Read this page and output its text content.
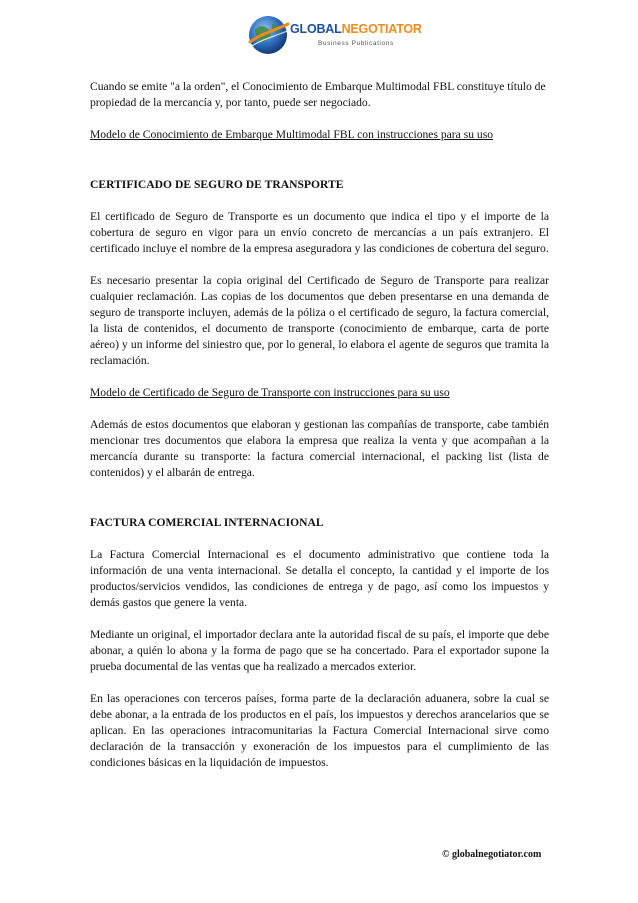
GLOBALNEGOTIATOR
Business Publications

Cuando se emite "a la orden", el Conocimiento de Embarque Multimodal FBL constituye título de propiedad de la mercancía y, por tanto, puede ser negociado.

Modelo de Conocimiento de Embarque Multimodal FBL con instrucciones para su uso

CERTIFICADO DE SEGURO DE TRANSPORTE

El certificado de Seguro de Transporte es un documento que indica el tipo y el importe de la cobertura de seguro en vigor para un envío concreto de mercancías a un país extranjero. El certificado incluye el nombre de la empresa aseguradora y las condiciones de cobertura del seguro.

Es necesario presentar la copia original del Certificado de Seguro de Transporte para realizar cualquier reclamación. Las copias de los documentos que deben presentarse en una demanda de seguro de transporte incluyen, además de la póliza o el certificado de seguro, la factura comercial, la lista de contenidos, el documento de transporte (conocimiento de embarque, carta de porte aéreo) y un informe del siniestro que, por lo general, lo elabora el agente de seguros que tramita la reclamación.

Modelo de Certificado de Seguro de Transporte con instrucciones para su uso

Además de estos documentos que elaboran y gestionan las compañías de transporte, cabe también mencionar tres documentos que elabora la empresa que realiza la venta y que acompañan a la mercancía durante su transporte: la factura comercial internacional, el packing list (lista de contenidos) y el albarán de entrega.

FACTURA COMERCIAL INTERNACIONAL

La Factura Comercial Internacional es el documento administrativo que contiene toda la información de una venta internacional. Se detalla el concepto, la cantidad y el importe de los productos/servicios vendidos, las condiciones de entrega y de pago, así como los impuestos y demás gastos que genere la venta.

Mediante un original, el importador declara ante la autoridad fiscal de su país, el importe que debe abonar, a quién lo abona y la forma de pago que se ha concertado. Para el exportador supone la prueba documental de las ventas que ha realizado a mercados exterior.

En las operaciones con terceros países, forma parte de la declaración aduanera, sobre la cual se debe abonar, a la entrada de los productos en el país, los impuestos y derechos arancelarios que se aplican. En las operaciones intracomunitarias la Factura Comercial Internacional sirve como declaración de la transacción y exoneración de los impuestos para el cumplimiento de las condiciones básicas en la liquidación de impuestos.

© globalnegotiator.com
